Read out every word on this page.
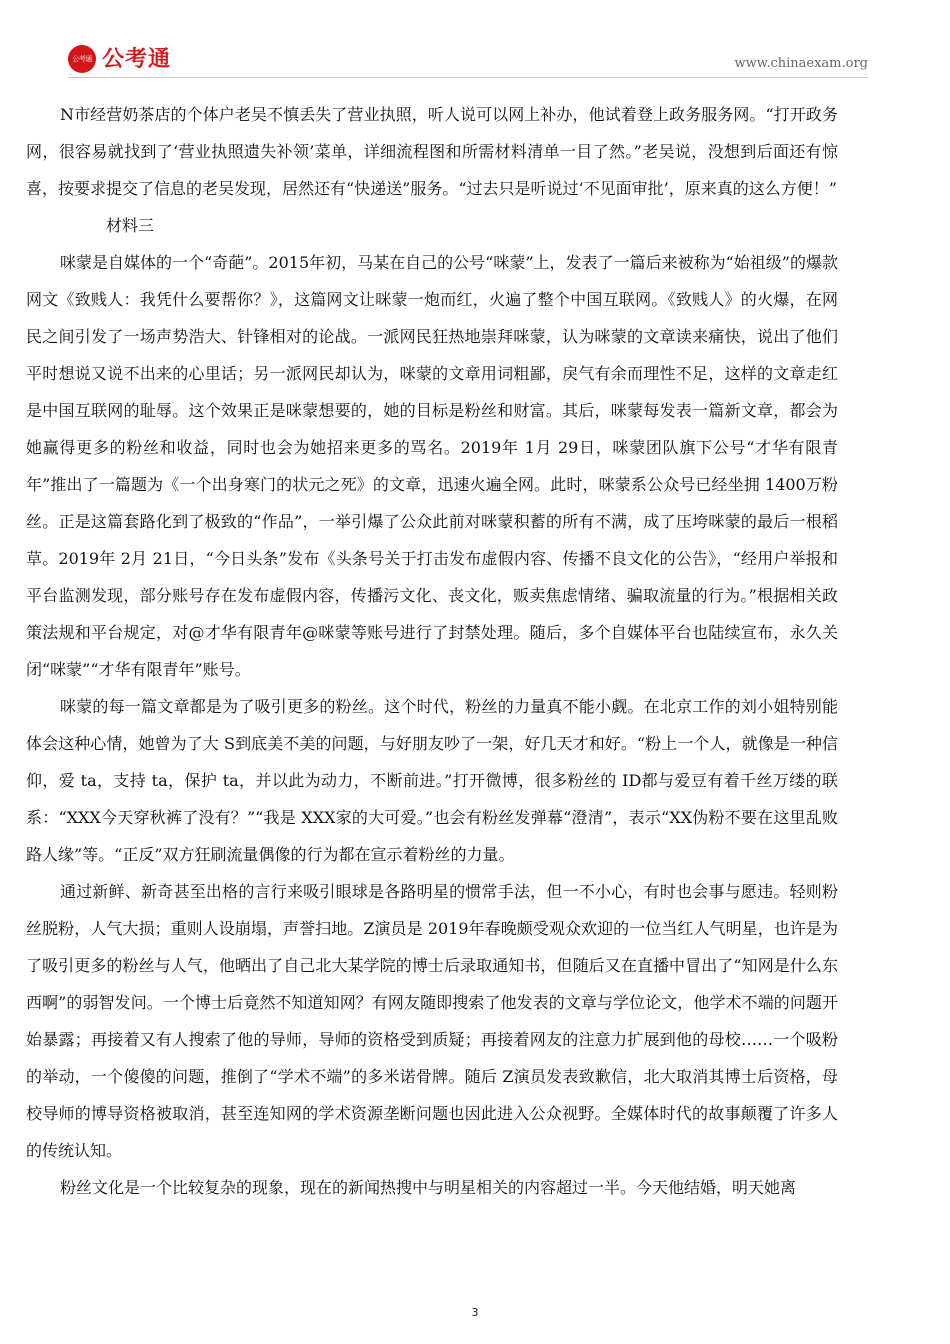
公考通 公考通	www.chinaexam.org

N市经营奶茶店的个体户老吴不慎丢失了营业执照，听人说可以网上补办，他试着登上政务服务网。“打开政务网，很容易就找到了‘营业执照遗失补领’菜单，详细流程图和所需材料清单一目了然。”老吴说，没想到后面还有惊喜，按要求提交了信息的老吴发现，居然还有“快递送”服务。“过去只是听说过‘不见面审批’，原来真的这么方便！”

材料三

咪蒙是自媒体的一个“奇葩”。2015年初，马某在自己的公号“咪蒙”上，发表了一篇后来被称为“始祖级”的爆款网文《致贱人：我凭什么要帮你？》，这篇网文让咪蒙一炮而红，火遍了整个中国互联网。《致贱人》的火爆，在网民之间引发了一场声势浩大、针锋相对的论战。一派网民狂热地崇拜咪蒙，认为咪蒙的文章读来痛快，说出了他们平时想说又说不出来的心里话；另一派网民却认为，咪蒙的文章用词粗鄙，戾气有余而理性不足，这样的文章走红是中国互联网的耻辱。这个效果正是咪蒙想要的，她的目标是粉丝和财富。其后，咪蒙每发表一篇新文章，都会为她赢得更多的粉丝和收益，同时也会为她招来更多的骂名。2019年 1月 29日，咪蒙团队旗下公号“才华有限青年”推出了一篇题为《一个出身寒门的状元之死》的文章，迅速火遍全网。此时，咪蒙系公众号已经坐拥 1400万粉丝。正是这篇套路化到了极致的“作品”，一举引爆了公众此前对咪蒙积蓄的所有不满，成了压垮咪蒙的最后一根稻草。2019年 2月 21日，“今日头条”发布《头条号关于打击发布虚假内容、传播不良文化的公告》，“经用户举报和平台监测发现，部分账号存在发布虚假内容，传播污文化、丧文化，贩卖焦虑情绪、骗取流量的行为。”根据相关政策法规和平台规定，对@才华有限青年@咪蒙等账号进行了封禁处理。随后，多个自媒体平台也陆续宣布，永久关闭“咪蒙”“才华有限青年”账号。

咪蒙的每一篇文章都是为了吸引更多的粉丝。这个时代，粉丝的力量真不能小觑。在北京工作的刘小姐特别能体会这种心情，她曾为了大 S到底美不美的问题，与好朋友吵了一架，好几天才和好。“粉上一个人，就像是一种信仰，爱 ta，支持 ta，保护 ta，并以此为动力，不断前进。”打开微博，很多粉丝的 ID都与爱豆有着千丝万缕的联系：“XXX今天穿秋裤了没有？”“我是 XXX家的大可爱。”也会有粉丝发弹幕“澄清”，表示“XX伪粉不要在这里乱败路人缘”等。“正反”双方狂刷流量偶像的行为都在宣示着粉丝的力量。

通过新鲜、新奇甚至出格的言行来吸引眼球是各路明星的惯常手法，但一不小心，有时也会事与愿违。轻则粉丝脱粉，人气大损；重则人设崩塌，声誉扫地。Z演员是 2019年春晚颇受观众欢迎的一位当红人气明星，也许是为了吸引更多的粉丝与人气，他晒出了自己北大某学院的博士后录取通知书，但随后又在直播中冒出了“知网是什么东西啊”的弱智发问。一个博士后竟然不知道知网？有网友随即搜索了他发表的文章与学位论文，他学术不端的问题开始暴露；再接着又有人搜索了他的导师，导师的资格受到质疑；再接着网友的注意力扩展到他的母校……一个吸粉的举动，一个傻傻的问题，推倒了“学术不端”的多米诺骨牌。随后 Z演员发表致歉信，北大取消其博士后资格，母校导师的博导资格被取消，甚至连知网的学术资源垄断问题也因此进入公众视野。全媒体时代的故事颠覆了许多人的传统认知。

粉丝文化是一个比较复杂的现象，现在的新闻热搜中与明星相关的内容超过一半。今天他结婚，明天她离

3
